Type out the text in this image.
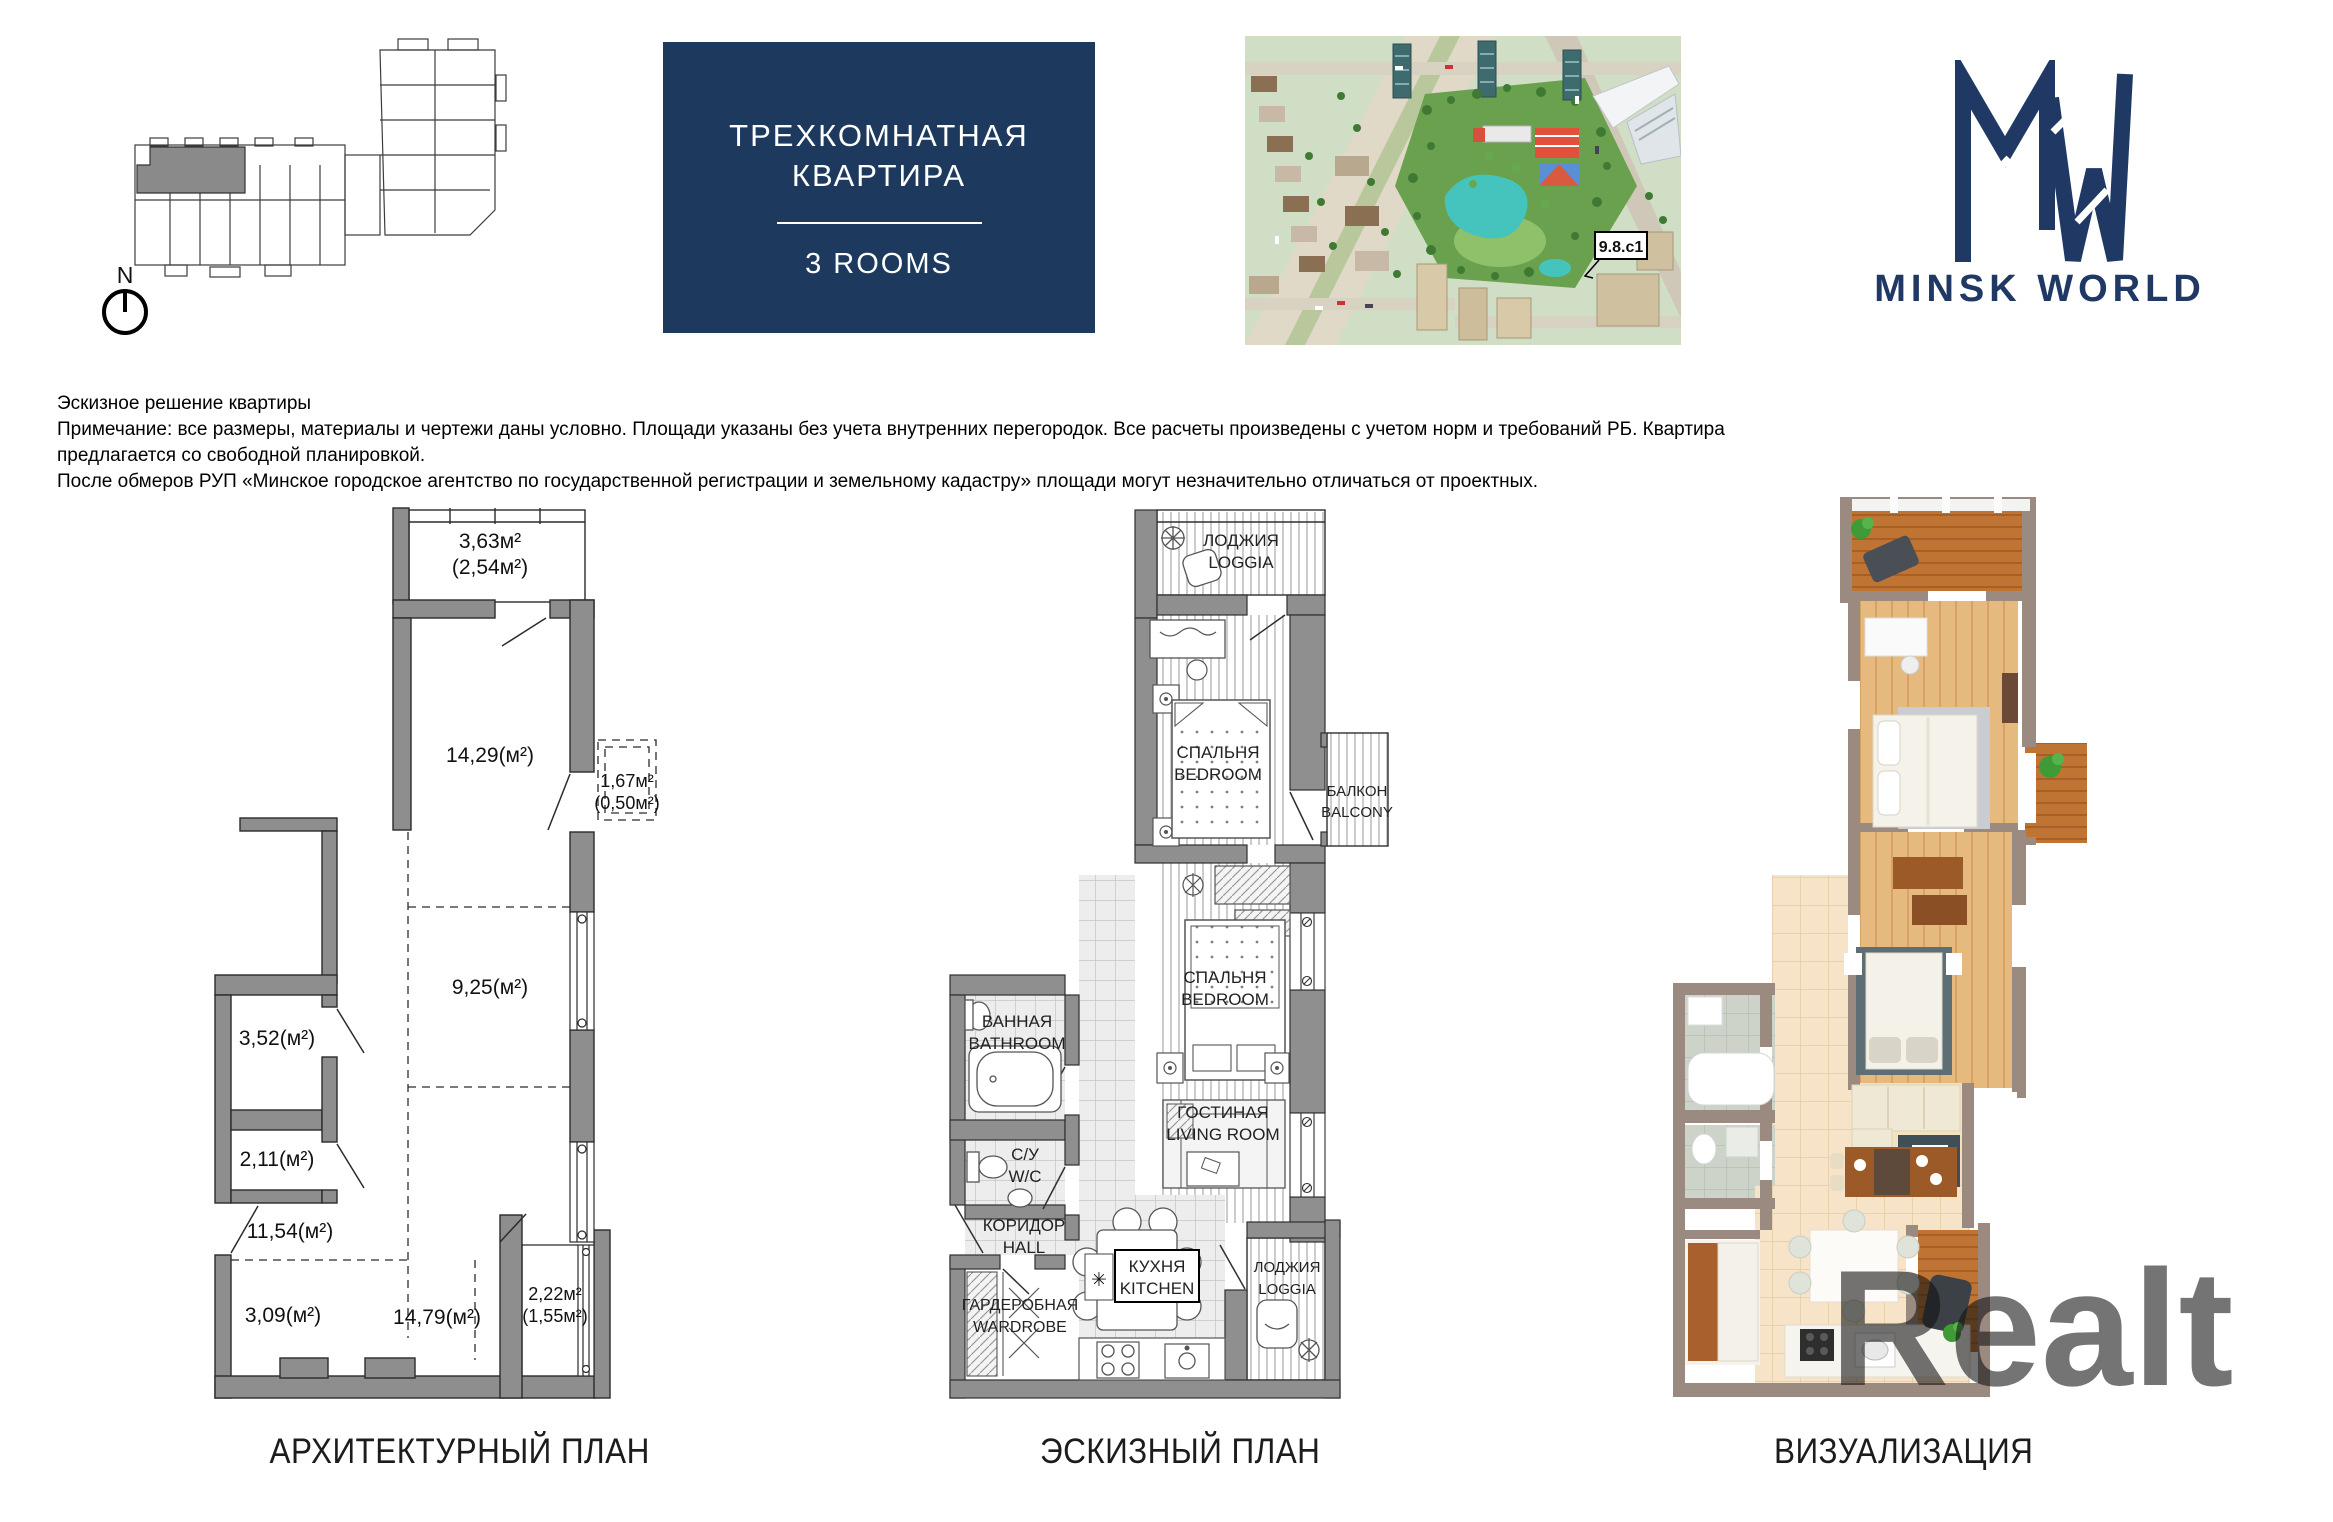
N
ТРЕХКОМНАТНАЯ
КВАРТИРА
3 ROOMS
9.8.с1
MINSK WORLD
Эскизное решение квартиры
Примечание: все размеры, материалы и чертежи даны условно. Площади указаны без учета внутренних перегородок. Все расчеты произведены с учетом норм и требований РБ. Квартира предлагается со свободной планировкой.
После обмеров РУП «Минское городское агентство по государственной регистрации и земельному кадастру» площади могут незначительно отличаться от проектных.
3,63м²
(2,54м²)
14,29(м²)
1,67м²
(0,50м²)
9,25(м²)
3,52(м²)
2,11(м²)
11,54(м²)
3,09(м²)	14,79(м²)
2,22м²
(1,55м²)
АРХИТЕКТУРНЫЙ ПЛАН
✳
ЛОДЖИЯ
LOGGIA
СПАЛЬНЯ
BEDROOM
БАЛКОН
BALCONY
ВАННАЯ
BATHROOM
СПАЛЬНЯ
BEDROOM
ГОСТИНАЯ
LIVING ROOM
С/У
W/C
КОРИДОР
HALL
КУХНЯ
KITCHEN
ГАРДЕРОБНАЯ
WARDROBE
ЛОДЖИЯ
LOGGIA
ЭСКИЗНЫЙ ПЛАН
Realt
ВИЗУАЛИЗАЦИЯ
